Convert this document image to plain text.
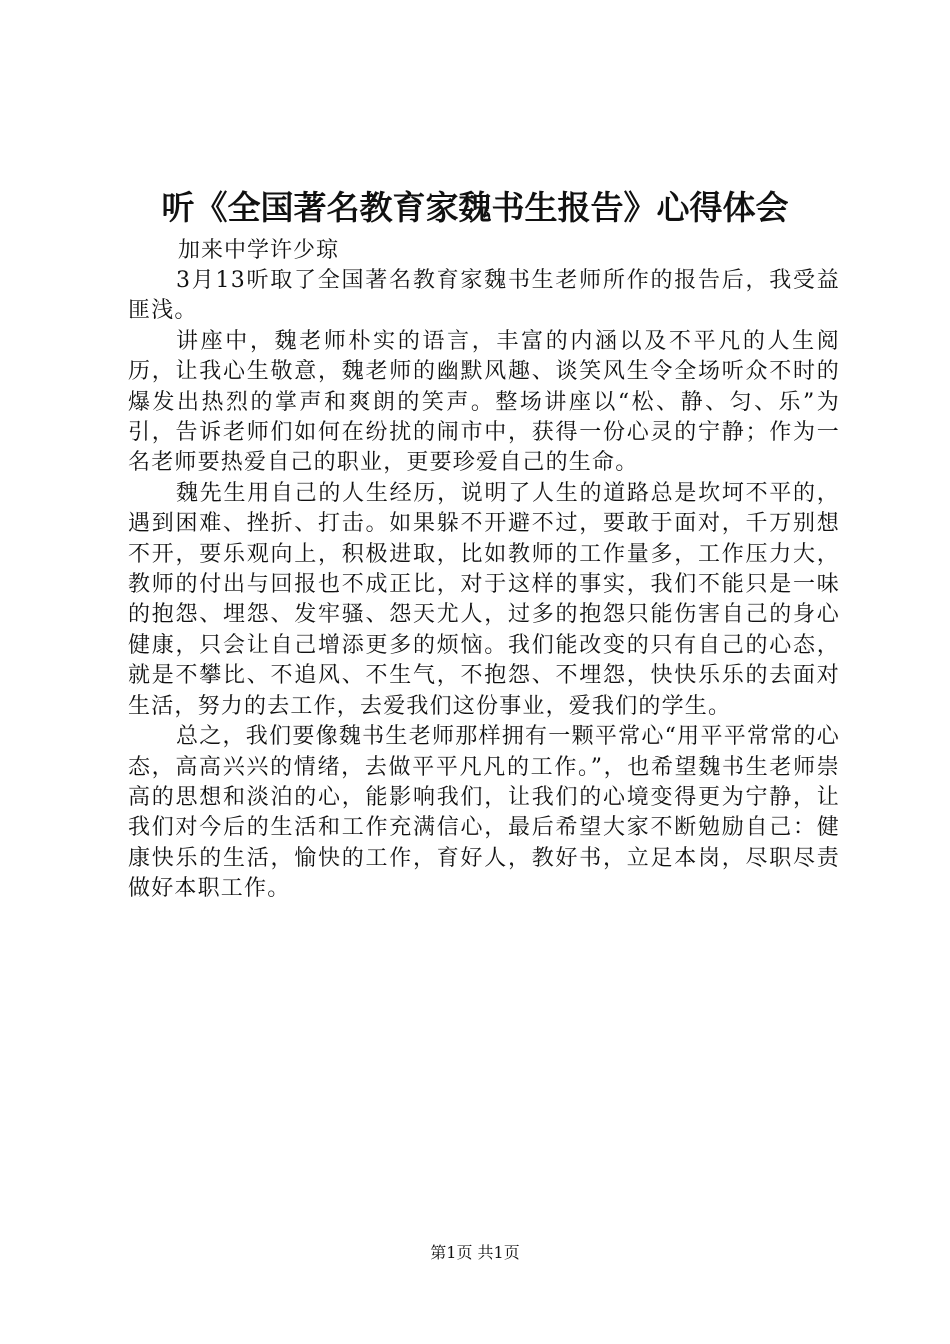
听《全国著名教育家魏书生报告》心得体会
加来中学许少琼

3月13听取了全国著名教育家魏书生老师所作的报告后，我受益匪浅。

讲座中，魏老师朴实的语言，丰富的内涵以及不平凡的人生阅历，让我心生敬意，魏老师的幽默风趣、谈笑风生令全场听众不时的爆发出热烈的掌声和爽朗的笑声。整场讲座以“松、静、匀、乐”为引，告诉老师们如何在纷扰的闹市中，获得一份心灵的宁静；作为一名老师要热爱自己的职业，更要珍爱自己的生命。

魏先生用自己的人生经历，说明了人生的道路总是坎坷不平的，遇到困难、挫折、打击。如果躲不开避不过，要敢于面对，千万别想不开，要乐观向上，积极进取，比如教师的工作量多，工作压力大，教师的付出与回报也不成正比，对于这样的事实，我们不能只是一味的抱怨、埋怨、发牢骚、怨天尤人，过多的抱怨只能伤害自己的身心健康，只会让自己增添更多的烦恼。我们能改变的只有自己的心态，就是不攀比、不追风、不生气，不抱怨、不埋怨，快快乐乐的去面对生活，努力的去工作，去爱我们这份事业，爱我们的学生。

总之，我们要像魏书生老师那样拥有一颗平常心“用平平常常的心态，高高兴兴的情绪，去做平平凡凡的工作。”，也希望魏书生老师崇高的思想和淡泊的心，能影响我们，让我们的心境变得更为宁静，让我们对今后的生活和工作充满信心，最后希望大家不断勉励自己：健康快乐的生活，愉快的工作，育好人，教好书，立足本岗，尽职尽责做好本职工作。

第1页 共1页
